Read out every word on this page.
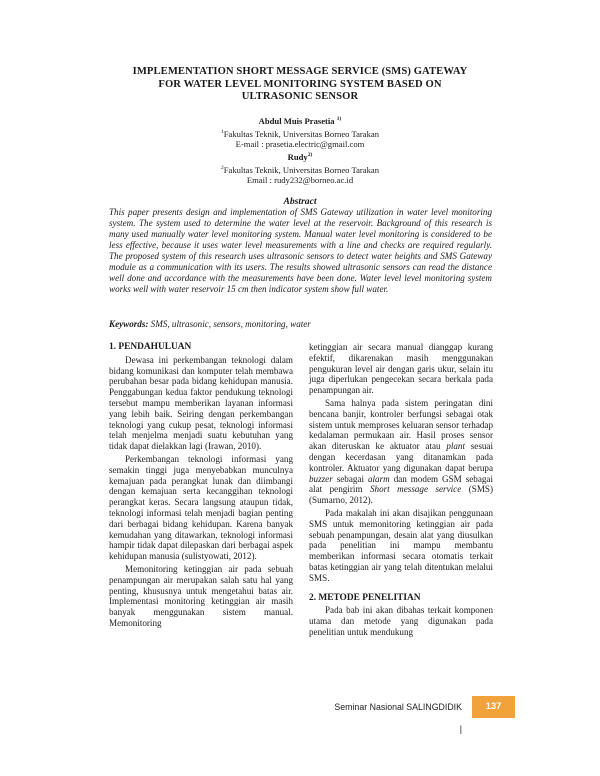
IMPLEMENTATION SHORT MESSAGE SERVICE (SMS) GATEWAY
FOR WATER LEVEL MONITORING SYSTEM BASED ON
ULTRASONIC SENSOR
Abdul Muis Prasetia $^{1)}$
$^1$Fakultas Teknik, Universitas Borneo Tarakan
E-mail : prasetia.electric@gmail.com
Rudy$^{2)}$
$^2$Fakultas Teknik, Universitas Borneo Tarakan
Email : rudy232@borneo.ac.id
Abstract
This paper presents design and implementation of SMS Gateway utilization in water level monitoring system. The system used to determine the water level at the reservoir. Background of this research is many used manually water level monitoring system. Manual water level monitoring is considered to be less effective, because it uses water level measurements with a line and checks are required regularly. The proposed system of this research uses ultrasonic sensors to detect water heights and SMS Gateway module as a communication with its users. The results showed ultrasonic sensors can read the distance well done and accordance with the measurements have been done. Water level level monitoring system works well with water reservoir 15 cm then indicator system show full water.
Keywords: SMS, ultrasonic, sensors, monitoring, water
1. PENDAHULUAN

Dewasa ini perkembangan teknologi dalam bidang komunikasi dan komputer telah membawa perubahan besar pada bidang kehidupan manusia. Penggabungan kedua faktor pendukung teknologi tersebut mampu memberikan layanan informasi yang lebih baik. Seiring dengan perkembangan teknologi yang cukup pesat, teknologi informasi telah menjelma menjadi suatu kebutuhan yang tidak dapat dielakkan lagi (Irawan, 2010).

Perkembangan teknologi informasi yang semakin tinggi juga menyebabkan munculnya kemajuan pada perangkat lunak dan diimbangi dengan kemajuan serta kecanggihan teknologi perangkat keras. Secara langsung ataupun tidak, teknologi informasi telah menjadi bagian penting dari berbagai bidang kehidupan. Karena banyak kemudahan yang ditawarkan, teknologi informasi hampir tidak dapat dilepaskan dari berbagai aspek kehidupan manusia (sulistyowati, 2012).

Memonitoring ketinggian air pada sebuah penampungan air merupakan salah satu hal yang penting, khususnya untuk mengetahui batas air. Implementasi monitoring ketinggian air masih banyak menggunakan sistem manual. Memonitoring

ketinggian air secara manual dianggap kurang efektif, dikarenakan masih menggunakan pengukuran level air dengan garis ukur, selain itu juga diperlukan pengecekan secara berkala pada penampungan air.

Sama halnya pada sistem peringatan dini bencana banjir, kontroler berfungsi sebagai otak sistem untuk memproses keluaran sensor terhadap kedalaman permukaan air. Hasil proses sensor akan diteruskan ke aktuator atau plant sesuai dengan kecerdasan yang ditanamkan pada kontroler. Aktuator yang digunakan dapat berupa buzzer sebagai alarm dan modem GSM sebagai alat pengirim Short message service (SMS) (Sumarno, 2012).

Pada makalah ini akan disajikan penggunaan SMS untuk memonitoring ketinggian air pada sebuah penampungan, desain alat yang diusulkan pada penelitian ini mampu membantu memberikan informasi secara otomatis terkait batas ketinggian air yang telah ditentukan melalui SMS.

2. METODE PENELITIAN

Pada bab ini akan dibahas terkait komponen utama dan metode yang digunakan pada penelitian untuk mendukung

Seminar Nasional SALINGDIDIK |
137
